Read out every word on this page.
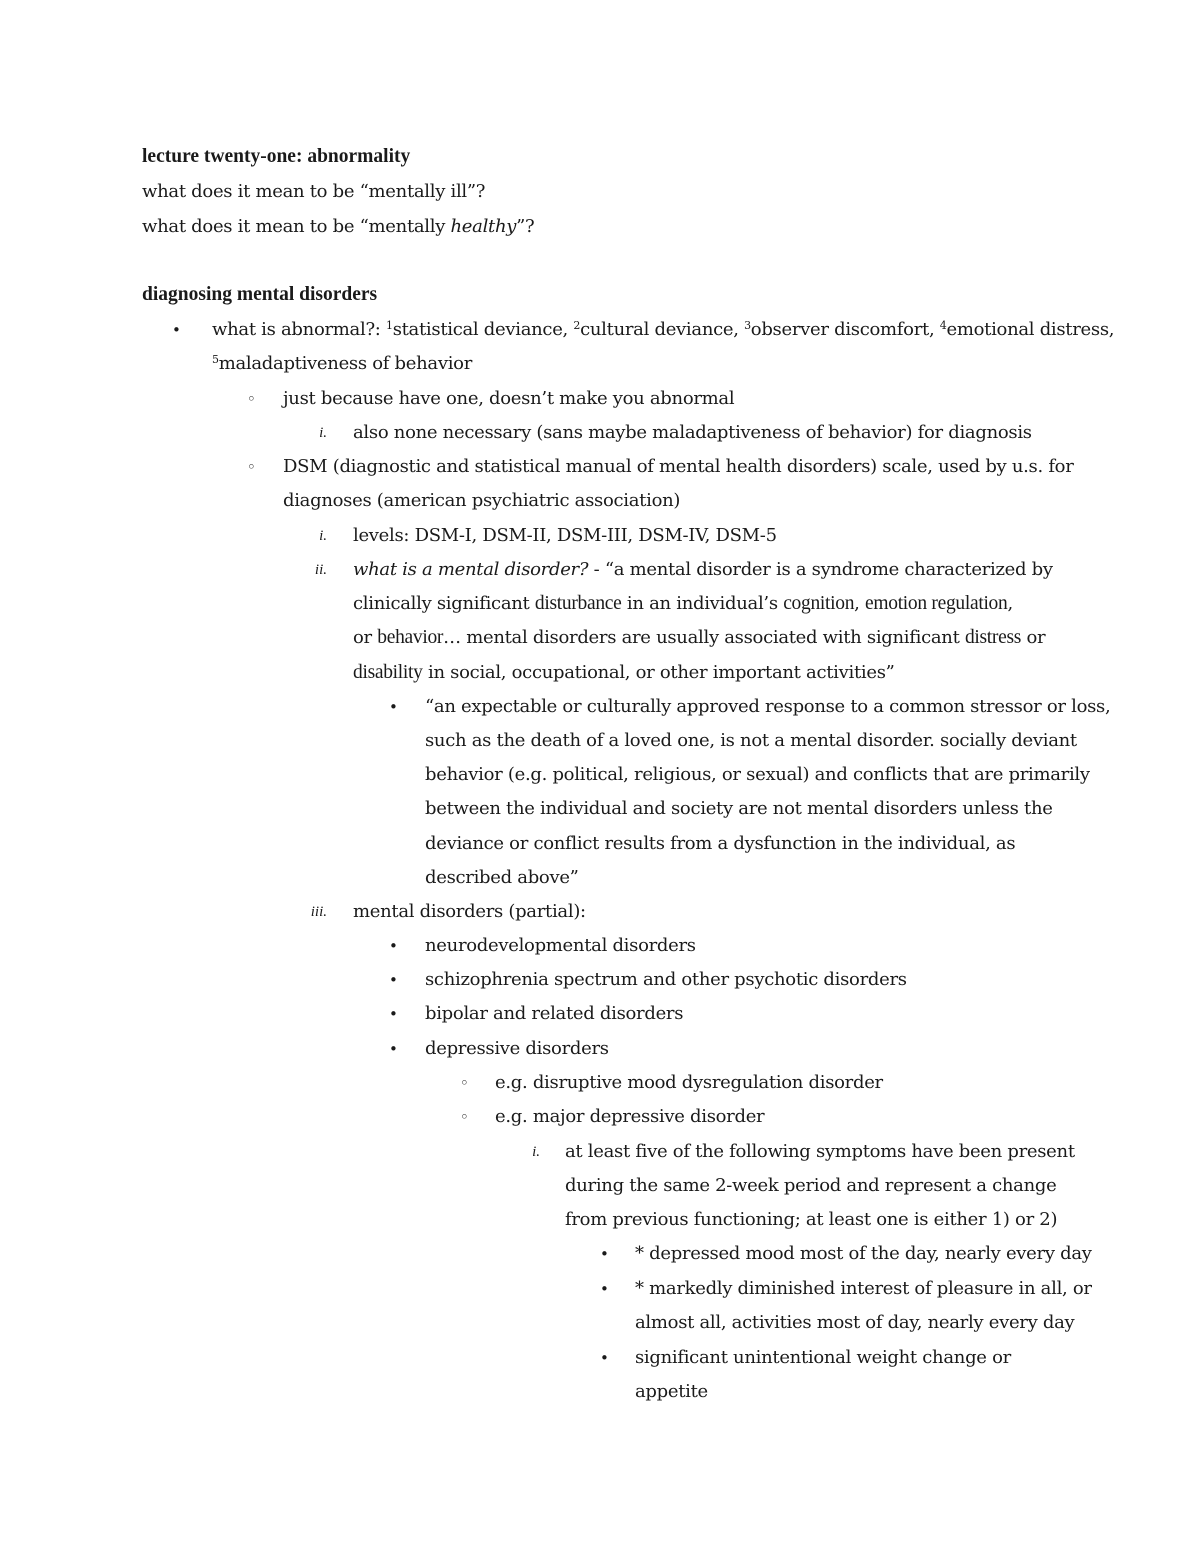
lecture twenty-one: abnormality
what does it mean to be “mentally ill”?
what does it mean to be “mentally healthy”?
diagnosing mental disorders
• what is abnormal?: $^1$statistical deviance, $^2$cultural deviance, $^3$observer discomfort, $^4$emotional distress,
$^5$maladaptiveness of behavior
◦ just because have one, doesn’t make you abnormal
i. also none necessary (sans maybe maladaptiveness of behavior) for diagnosis
◦ DSM (diagnostic and statistical manual of mental health disorders) scale, used by u.s. for
diagnoses (american psychiatric association)
i. levels: DSM-I, DSM-II, DSM-III, DSM-IV, DSM-5
ii. what is a mental disorder? - “a mental disorder is a syndrome characterized by
clinically significant disturbance in an individual’s cognition, emotion regulation,
or behavior… mental disorders are usually associated with significant distress or
disability in social, occupational, or other important activities”
• “an expectable or culturally approved response to a common stressor or loss,
such as the death of a loved one, is not a mental disorder. socially deviant
behavior (e.g. political, religious, or sexual) and conflicts that are primarily
between the individual and society are not mental disorders unless the
deviance or conflict results from a dysfunction in the individual, as
described above”
iii. mental disorders (partial):
• neurodevelopmental disorders
• schizophrenia spectrum and other psychotic disorders
• bipolar and related disorders
• depressive disorders
◦ e.g. disruptive mood dysregulation disorder
◦ e.g. major depressive disorder
i. at least five of the following symptoms have been present
during the same 2-week period and represent a change
from previous functioning; at least one is either 1) or 2)
• * depressed mood most of the day, nearly every day
• * markedly diminished interest of pleasure in all, or
almost all, activities most of day, nearly every day
• significant unintentional weight change or
appetite
